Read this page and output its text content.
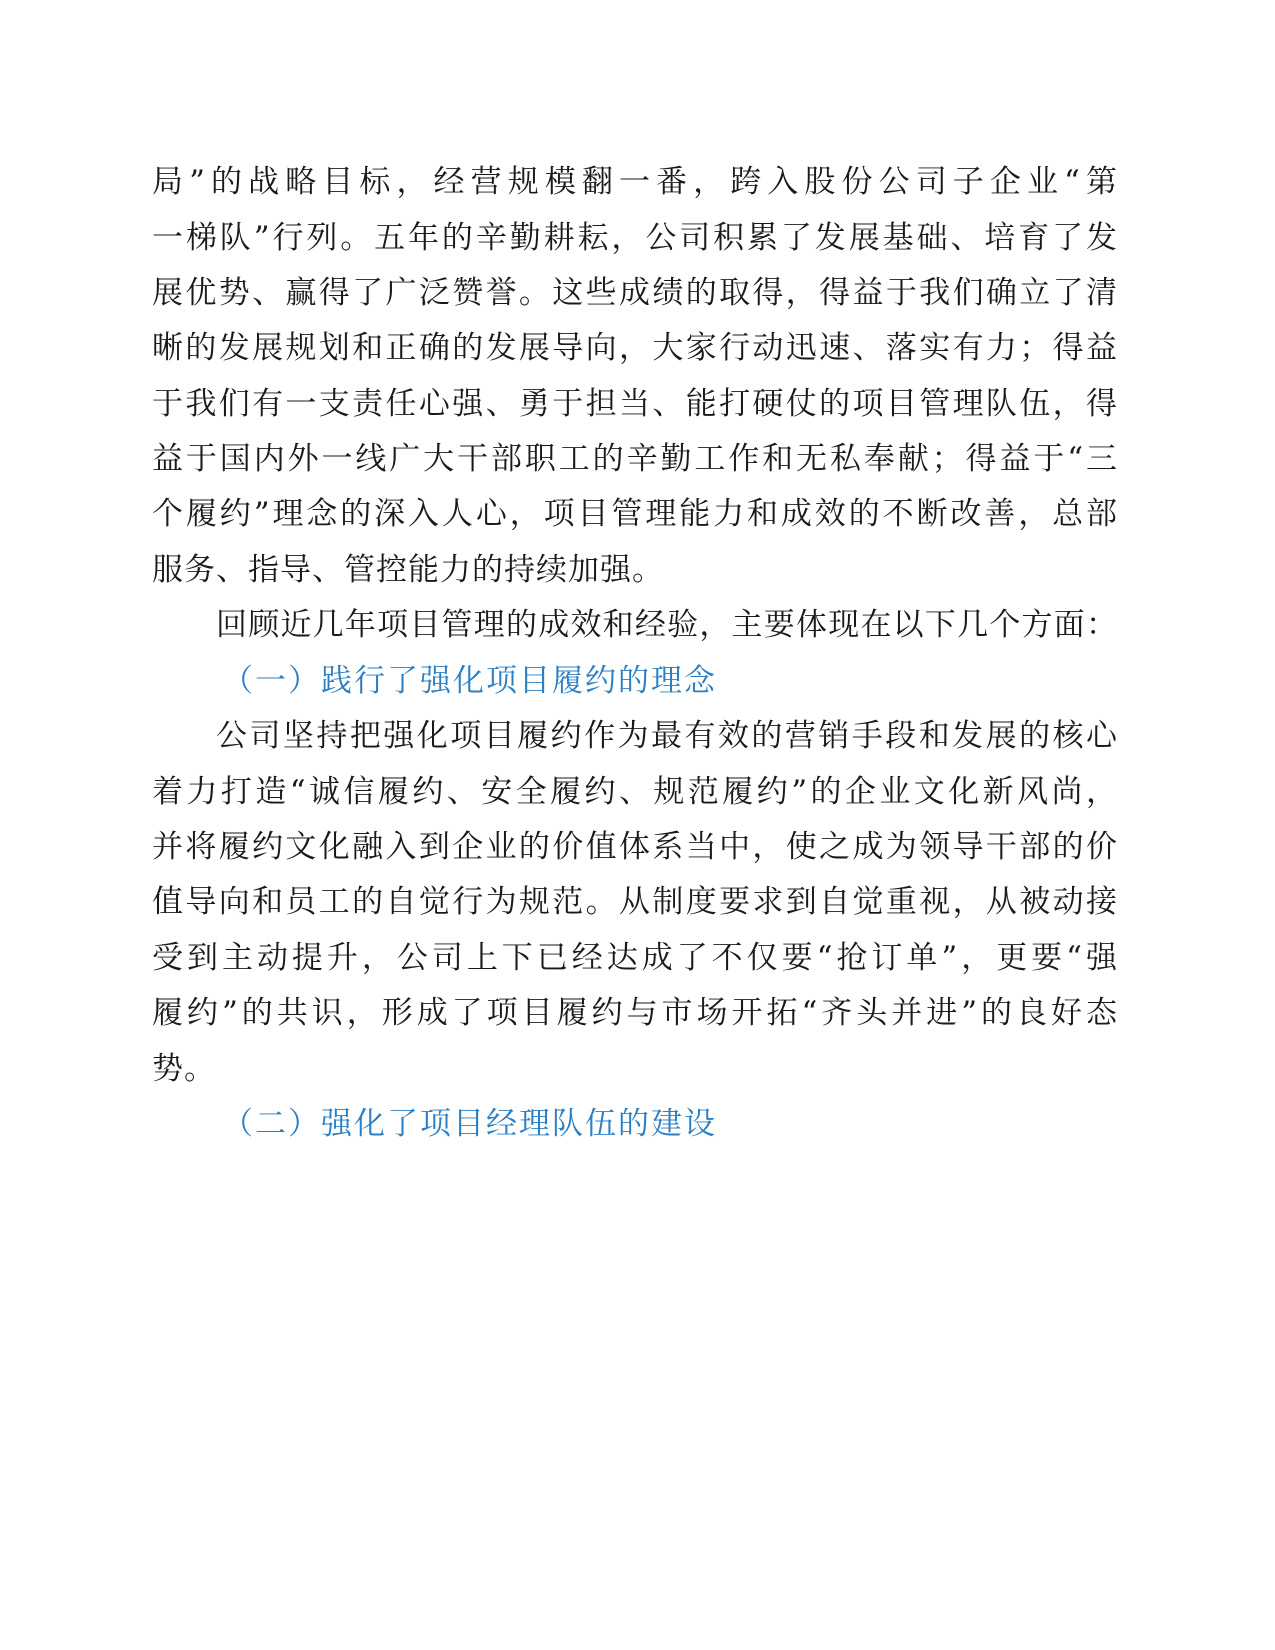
局”的战略目标，经营规模翻一番，跨入股份公司子企业“第
一梯队”行列。五年的辛勤耕耘，公司积累了发展基础、培育了发
展优势、赢得了广泛赞誉。这些成绩的取得，得益于我们确立了清
晰的发展规划和正确的发展导向，大家行动迅速、落实有力；得益
于我们有一支责任心强、勇于担当、能打硬仗的项目管理队伍，得
益于国内外一线广大干部职工的辛勤工作和无私奉献；得益于“三
个履约”理念的深入人心，项目管理能力和成效的不断改善，总部
服务、指导、管控能力的持续加强。
回顾近几年项目管理的成效和经验，主要体现在以下几个方面：
（一）践行了强化项目履约的理念
公司坚持把强化项目履约作为最有效的营销手段和发展的核心
着力打造“诚信履约、安全履约、规范履约”的企业文化新风尚，
并将履约文化融入到企业的价值体系当中，使之成为领导干部的价
值导向和员工的自觉行为规范。从制度要求到自觉重视，从被动接
受到主动提升，公司上下已经达成了不仅要“抢订单”，更要“强
履约”的共识，形成了项目履约与市场开拓“齐头并进”的良好态
势。
（二）强化了项目经理队伍的建设
